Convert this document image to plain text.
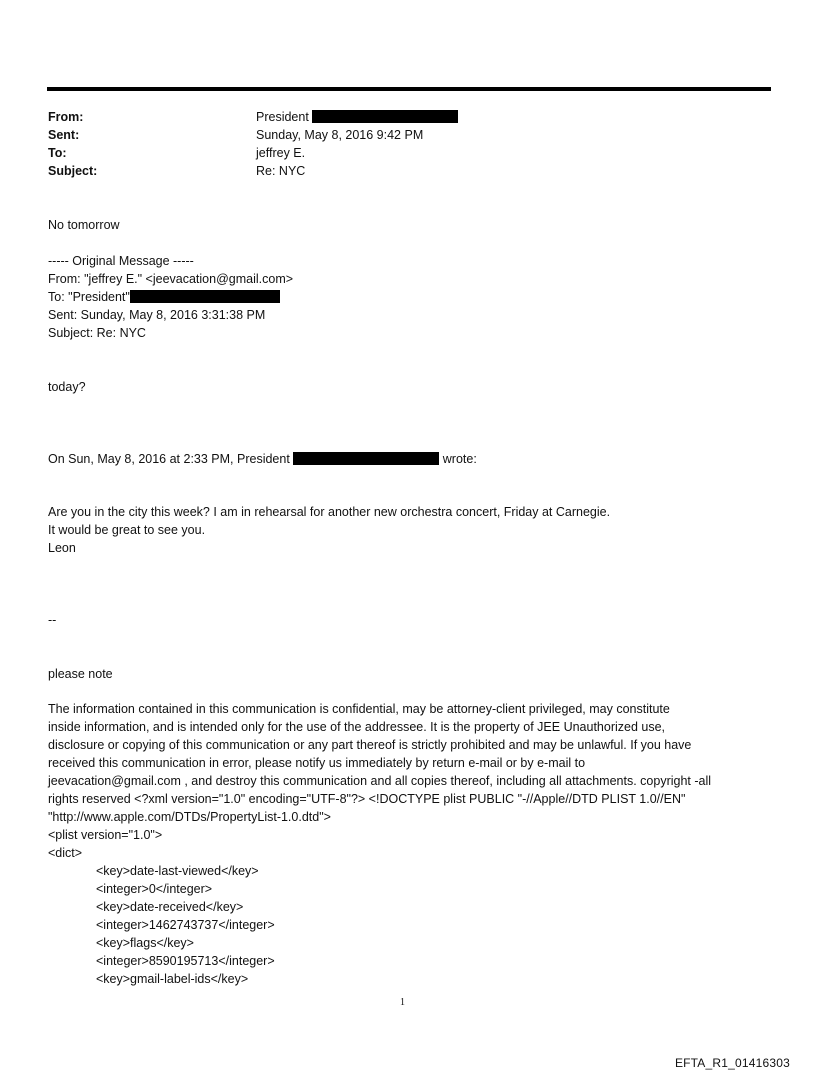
From:	President
Sent:	Sunday, May 8, 2016 9:42 PM
To:	jeffrey E.
Subject:	Re: NYC
No tomorrow
----- Original Message -----
From: "jeffrey E." <jeevacation@gmail.com>
To: "President"
Sent: Sunday, May 8, 2016 3:31:38 PM
Subject: Re: NYC
today?
On Sun, May 8, 2016 at 2:33 PM, President	wrote:
Are you in the city this week? I am in rehearsal for another new orchestra concert, Friday at Carnegie.
It would be great to see you.
Leon
--
please note
The information contained in this communication is confidential, may be attorney-client privileged, may constitute
inside information, and is intended only for the use of the addressee. It is the property of JEE Unauthorized use,
disclosure or copying of this communication or any part thereof is strictly prohibited and may be unlawful. If you have
received this communication in error, please notify us immediately by return e-mail or by e-mail to
jeevacation@gmail.com , and destroy this communication and all copies thereof, including all attachments. copyright -all
rights reserved <?xml version="1.0" encoding="UTF-8"?> <!DOCTYPE plist PUBLIC "-//Apple//DTD PLIST 1.0//EN"
"http://www.apple.com/DTDs/PropertyList-1.0.dtd">
<plist version="1.0">
<dict>
<key>date-last-viewed</key>
<integer>0</integer>
<key>date-received</key>
<integer>1462743737</integer>
<key>flags</key>
<integer>8590195713</integer>
<key>gmail-label-ids</key>
1
EFTA_R1_01416303
